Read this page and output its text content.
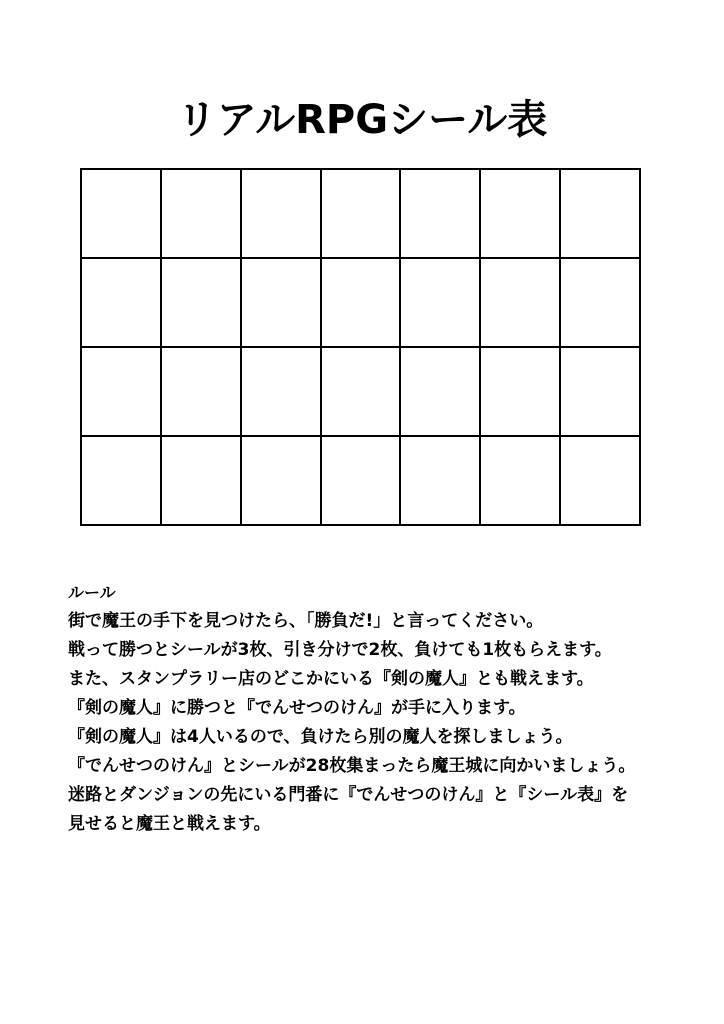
リアルRPGシール表

ルール

街で魔王の手下を見つけたら、「勝負だ!」と言ってください。

戦って勝つとシールが3枚、引き分けで2枚、負けても1枚もらえます。

また、スタンプラリー店のどこかにいる『剣の魔人』とも戦えます。

『剣の魔人』に勝つと『でんせつのけん』が手に入ります。

『剣の魔人』は4人いるので、負けたら別の魔人を探しましょう。

『でんせつのけん』とシールが28枚集まったら魔王城に向かいましょう。

迷路とダンジョンの先にいる門番に『でんせつのけん』と『シール表』を

見せると魔王と戦えます。
